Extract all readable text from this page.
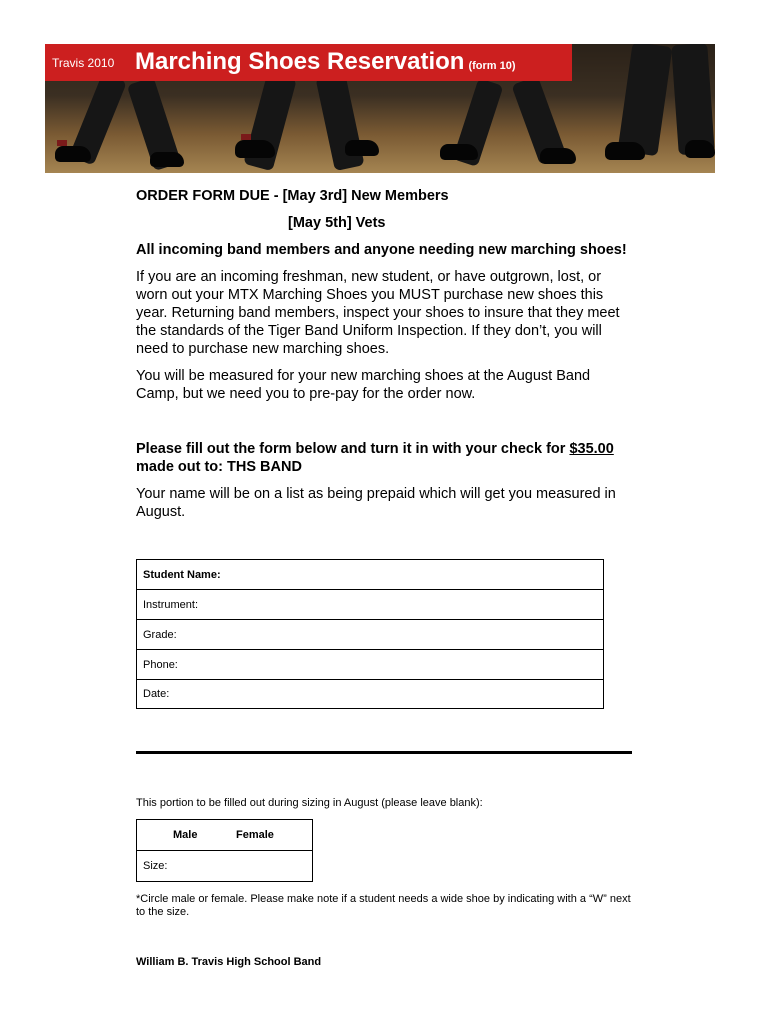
Travis 2010 Marching Shoes Reservation (form 10)
ORDER FORM DUE - [May 3rd] New Members
[May 5th] Vets
All incoming band members and anyone needing new marching shoes!
If you are an incoming freshman, new student, or have outgrown, lost, or
worn out your MTX Marching Shoes you MUST purchase new shoes this
year. Returning band members, inspect your shoes to insure that they meet
the standards of the Tiger Band Uniform Inspection. If they don’t, you will
need to purchase new marching shoes.
You will be measured for your new marching shoes at the August Band
Camp, but we need you to pre-pay for the order now.
Please fill out the form below and turn it in with your check for $35.00
made out to: THS BAND
Your name will be on a list as being prepaid which will get you measured in
August.
Student Name:
Instrument:
Grade:
Phone:
Date:
This portion to be filled out during sizing in August (please leave blank):
Male	Female
Size:
*Circle male or female. Please make note if a student needs a wide shoe by indicating with a “W” next
to the size.
William B. Travis High School Band
